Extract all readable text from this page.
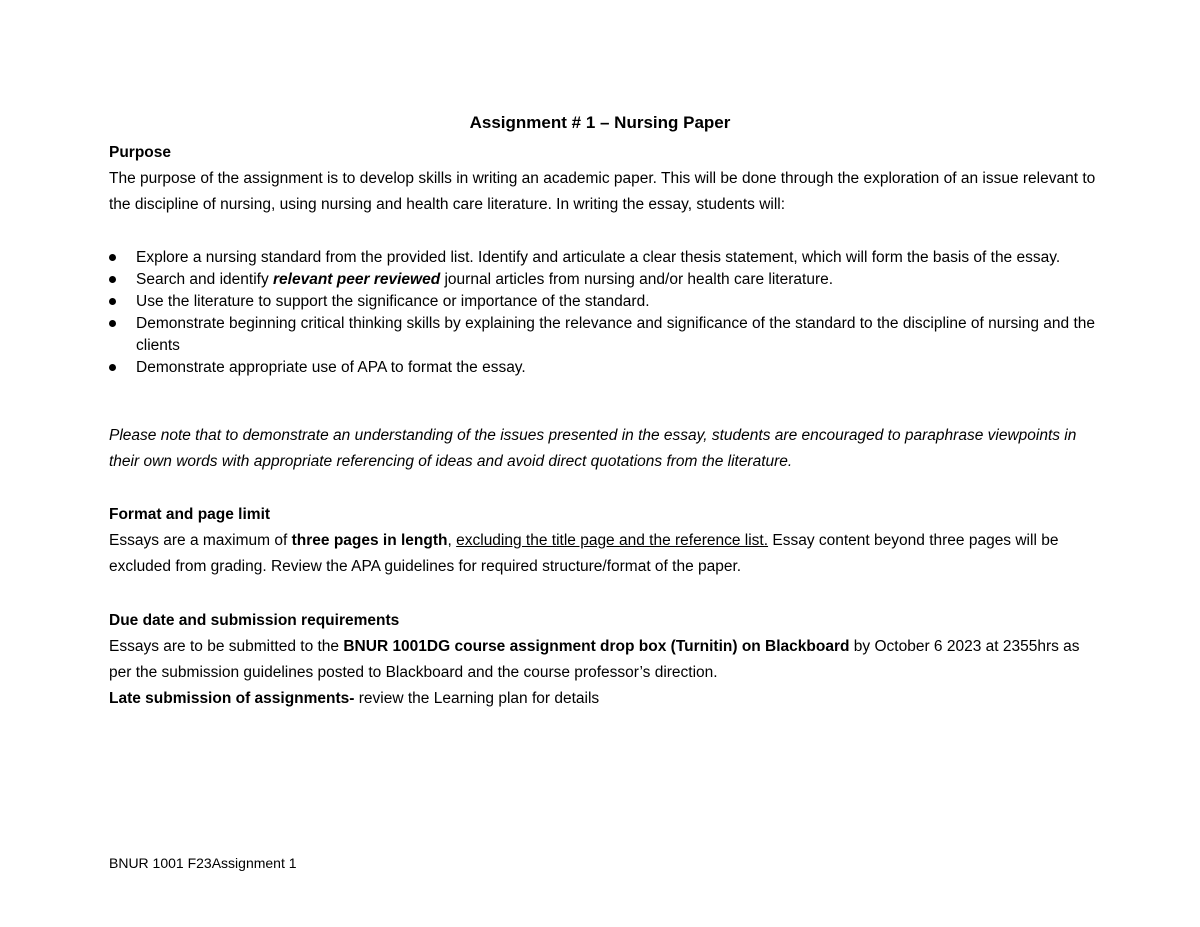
Assignment # 1 – Nursing Paper
Purpose
The purpose of the assignment is to develop skills in writing an academic paper. This will be done through the exploration of an issue relevant to the discipline of nursing, using nursing and health care literature. In writing the essay, students will:
Explore a nursing standard from the provided list. Identify and articulate a clear thesis statement, which will form the basis of the essay.
Search and identify relevant peer reviewed journal articles from nursing and/or health care literature.
Use the literature to support the significance or importance of the standard.
Demonstrate beginning critical thinking skills by explaining the relevance and significance of the standard to the discipline of nursing and the clients
Demonstrate appropriate use of APA to format the essay.
Please note that to demonstrate an understanding of the issues presented in the essay, students are encouraged to paraphrase viewpoints in their own words with appropriate referencing of ideas and avoid direct quotations from the literature.
Format and page limit
Essays are a maximum of three pages in length, excluding the title page and the reference list. Essay content beyond three pages will be excluded from grading. Review the APA guidelines for required structure/format of the paper.
Due date and submission requirements
Essays are to be submitted to the BNUR 1001DG course assignment drop box (Turnitin) on Blackboard by October 6 2023 at 2355hrs as per the submission guidelines posted to Blackboard and the course professor’s direction.
Late submission of assignments- review the Learning plan for details
BNUR 1001 F23Assignment 1
